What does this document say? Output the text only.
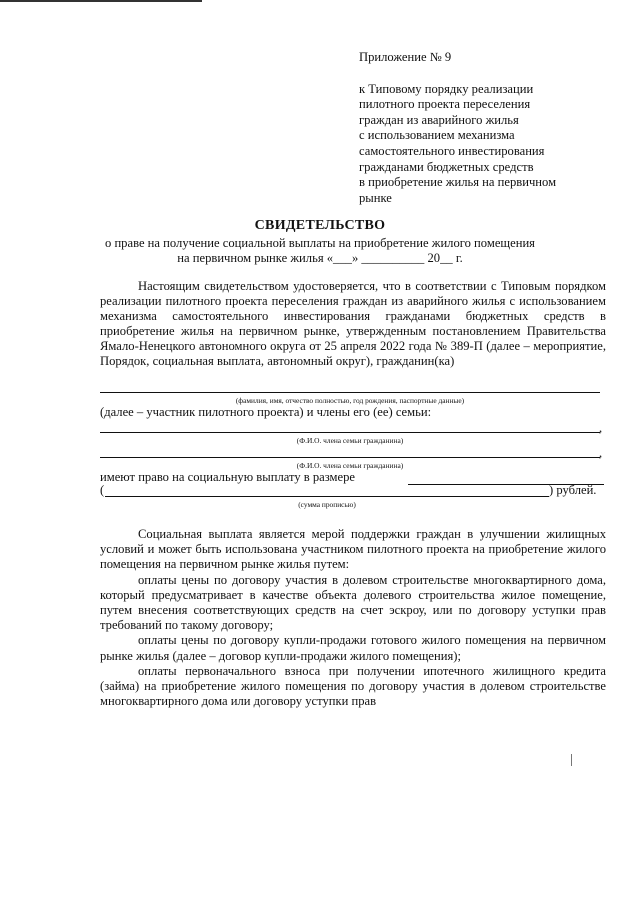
Приложение № 9
к Типовому порядку реализации
пилотного проекта переселения
граждан из аварийного жилья
с использованием механизма
самостоятельного инвестирования
гражданами бюджетных средств
в приобретение жилья на первичном
рынке
СВИДЕТЕЛЬСТВО
о праве на получение социальной выплаты на приобретение жилого помещения
на первичном рынке жилья «___» __________ 20__ г.
Настоящим свидетельством удостоверяется, что в соответствии с Типовым порядком реализации пилотного проекта переселения граждан из аварийного жилья с использованием механизма самостоятельного инвестирования гражданами бюджетных средств в приобретение жилья на первичном рынке, утвержденным постановлением Правительства Ямало-Ненецкого автономного округа от 25 апреля 2022 года № 389-П (далее – мероприятие, Порядок, социальная выплата, автономный округ), гражданин(ка)
(фамилия, имя, отчество полностью, год рождения, паспортные данные)
(далее – участник пилотного проекта) и члены его (ее) семьи:
,
(Ф.И.О. члена семьи гражданина)
,
(Ф.И.О. члена семьи гражданина)
имеют право на социальную выплату в размере
(	) рублей.
(сумма прописью)

Социальная выплата является мерой поддержки граждан в улучшении жилищных условий и может быть использована участником пилотного проекта на приобретение жилого помещения на первичном рынке жилья путем:

оплаты цены по договору участия в долевом строительстве многоквартирного дома, который предусматривает в качестве объекта долевого строительства жилое помещение, путем внесения соответствующих средств на счет эскроу, или по договору уступки прав требований по такому договору;

оплаты цены по договору купли-продажи готового жилого помещения на первичном рынке жилья (далее – договор купли-продажи жилого помещения);

оплаты первоначального взноса при получении ипотечного жилищного кредита (займа) на приобретение жилого помещения по договору участия в долевом строительстве многоквартирного дома или договору уступки прав
